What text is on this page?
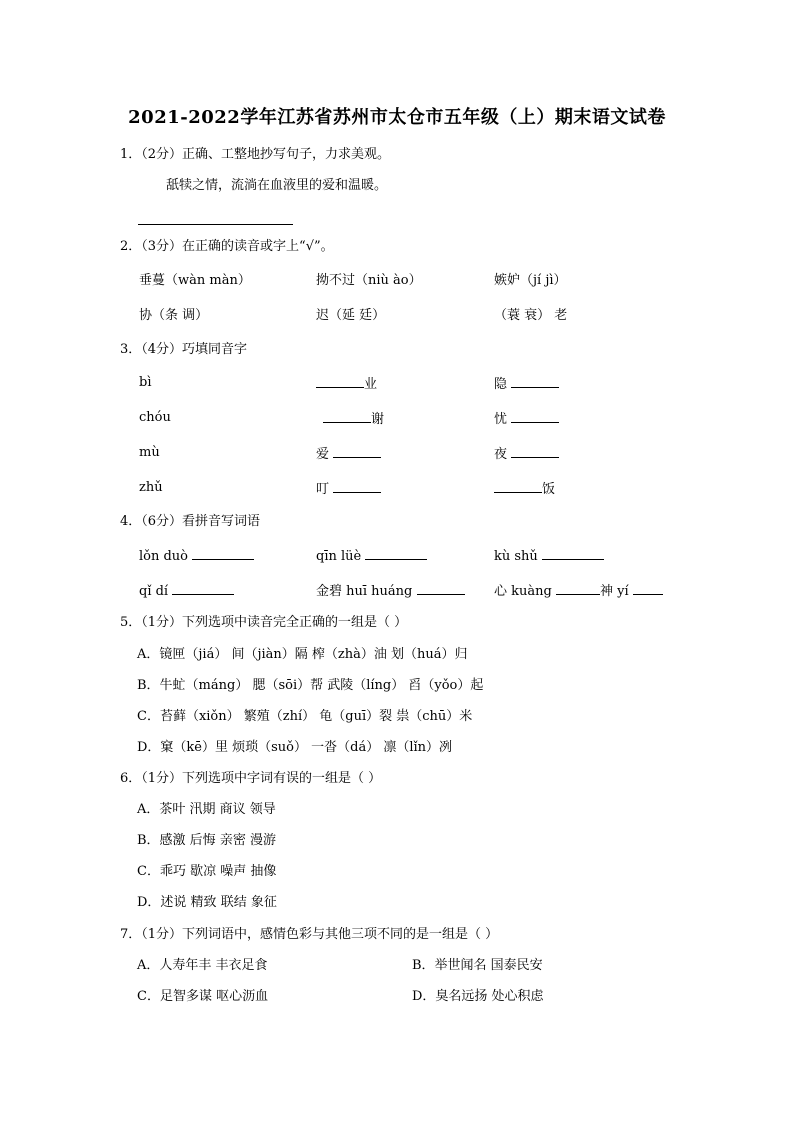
2021-2022学年江苏省苏州市太仓市五年级（上）期末语文试卷
1．（2分）正确、工整地抄写句子，力求美观。
舐犊之情，流淌在血液里的爱和温暖。
2．（3分）在正确的读音或字上“√”。
垂蔓（wàn màn）	拗不过（niù ào）	嫉妒（jí jì）
协（条 调）	迟（延 廷）	（蓑 衰） 老
3．（4分）巧填同音字
bì	业	隐
chóu	谢	忧
mù	爱	夜
zhǔ	叮	饭
4．（6分）看拼音写词语
lǒn duò	qīn lüè	kù shǔ
qǐ dí	金碧 huī huáng	心 kuàng	神 yí
5．（1分）下列选项中读音完全正确的一组是（ ）
A．镜匣（jiá） 间（jiàn）隔 榨（zhà）油 划（huá）归
B．牛虻（máng） 腮（sōi）帮 武陵（líng） 舀（yǒo）起
C．苔藓（xiǒn） 繁殖（zhí） 龟（guī）裂 祟（chū）米
D．窠（kē）里 烦琐（suǒ） 一沓（dá） 凛（lǐn）冽
6．（1分）下列选项中字词有误的一组是（ ）
A．茶叶 汛期 商议 领导
B．感激 后悔 亲密 漫游
C．乖巧 歇凉 噪声 抽像
D．述说 精致 联结 象征
7．（1分）下列词语中，感情色彩与其他三项不同的是一组是（ ）
A．人寿年丰 丰衣足食	B．举世闻名 国泰民安
C．足智多谋 呕心沥血	D．臭名远扬 处心积虑
